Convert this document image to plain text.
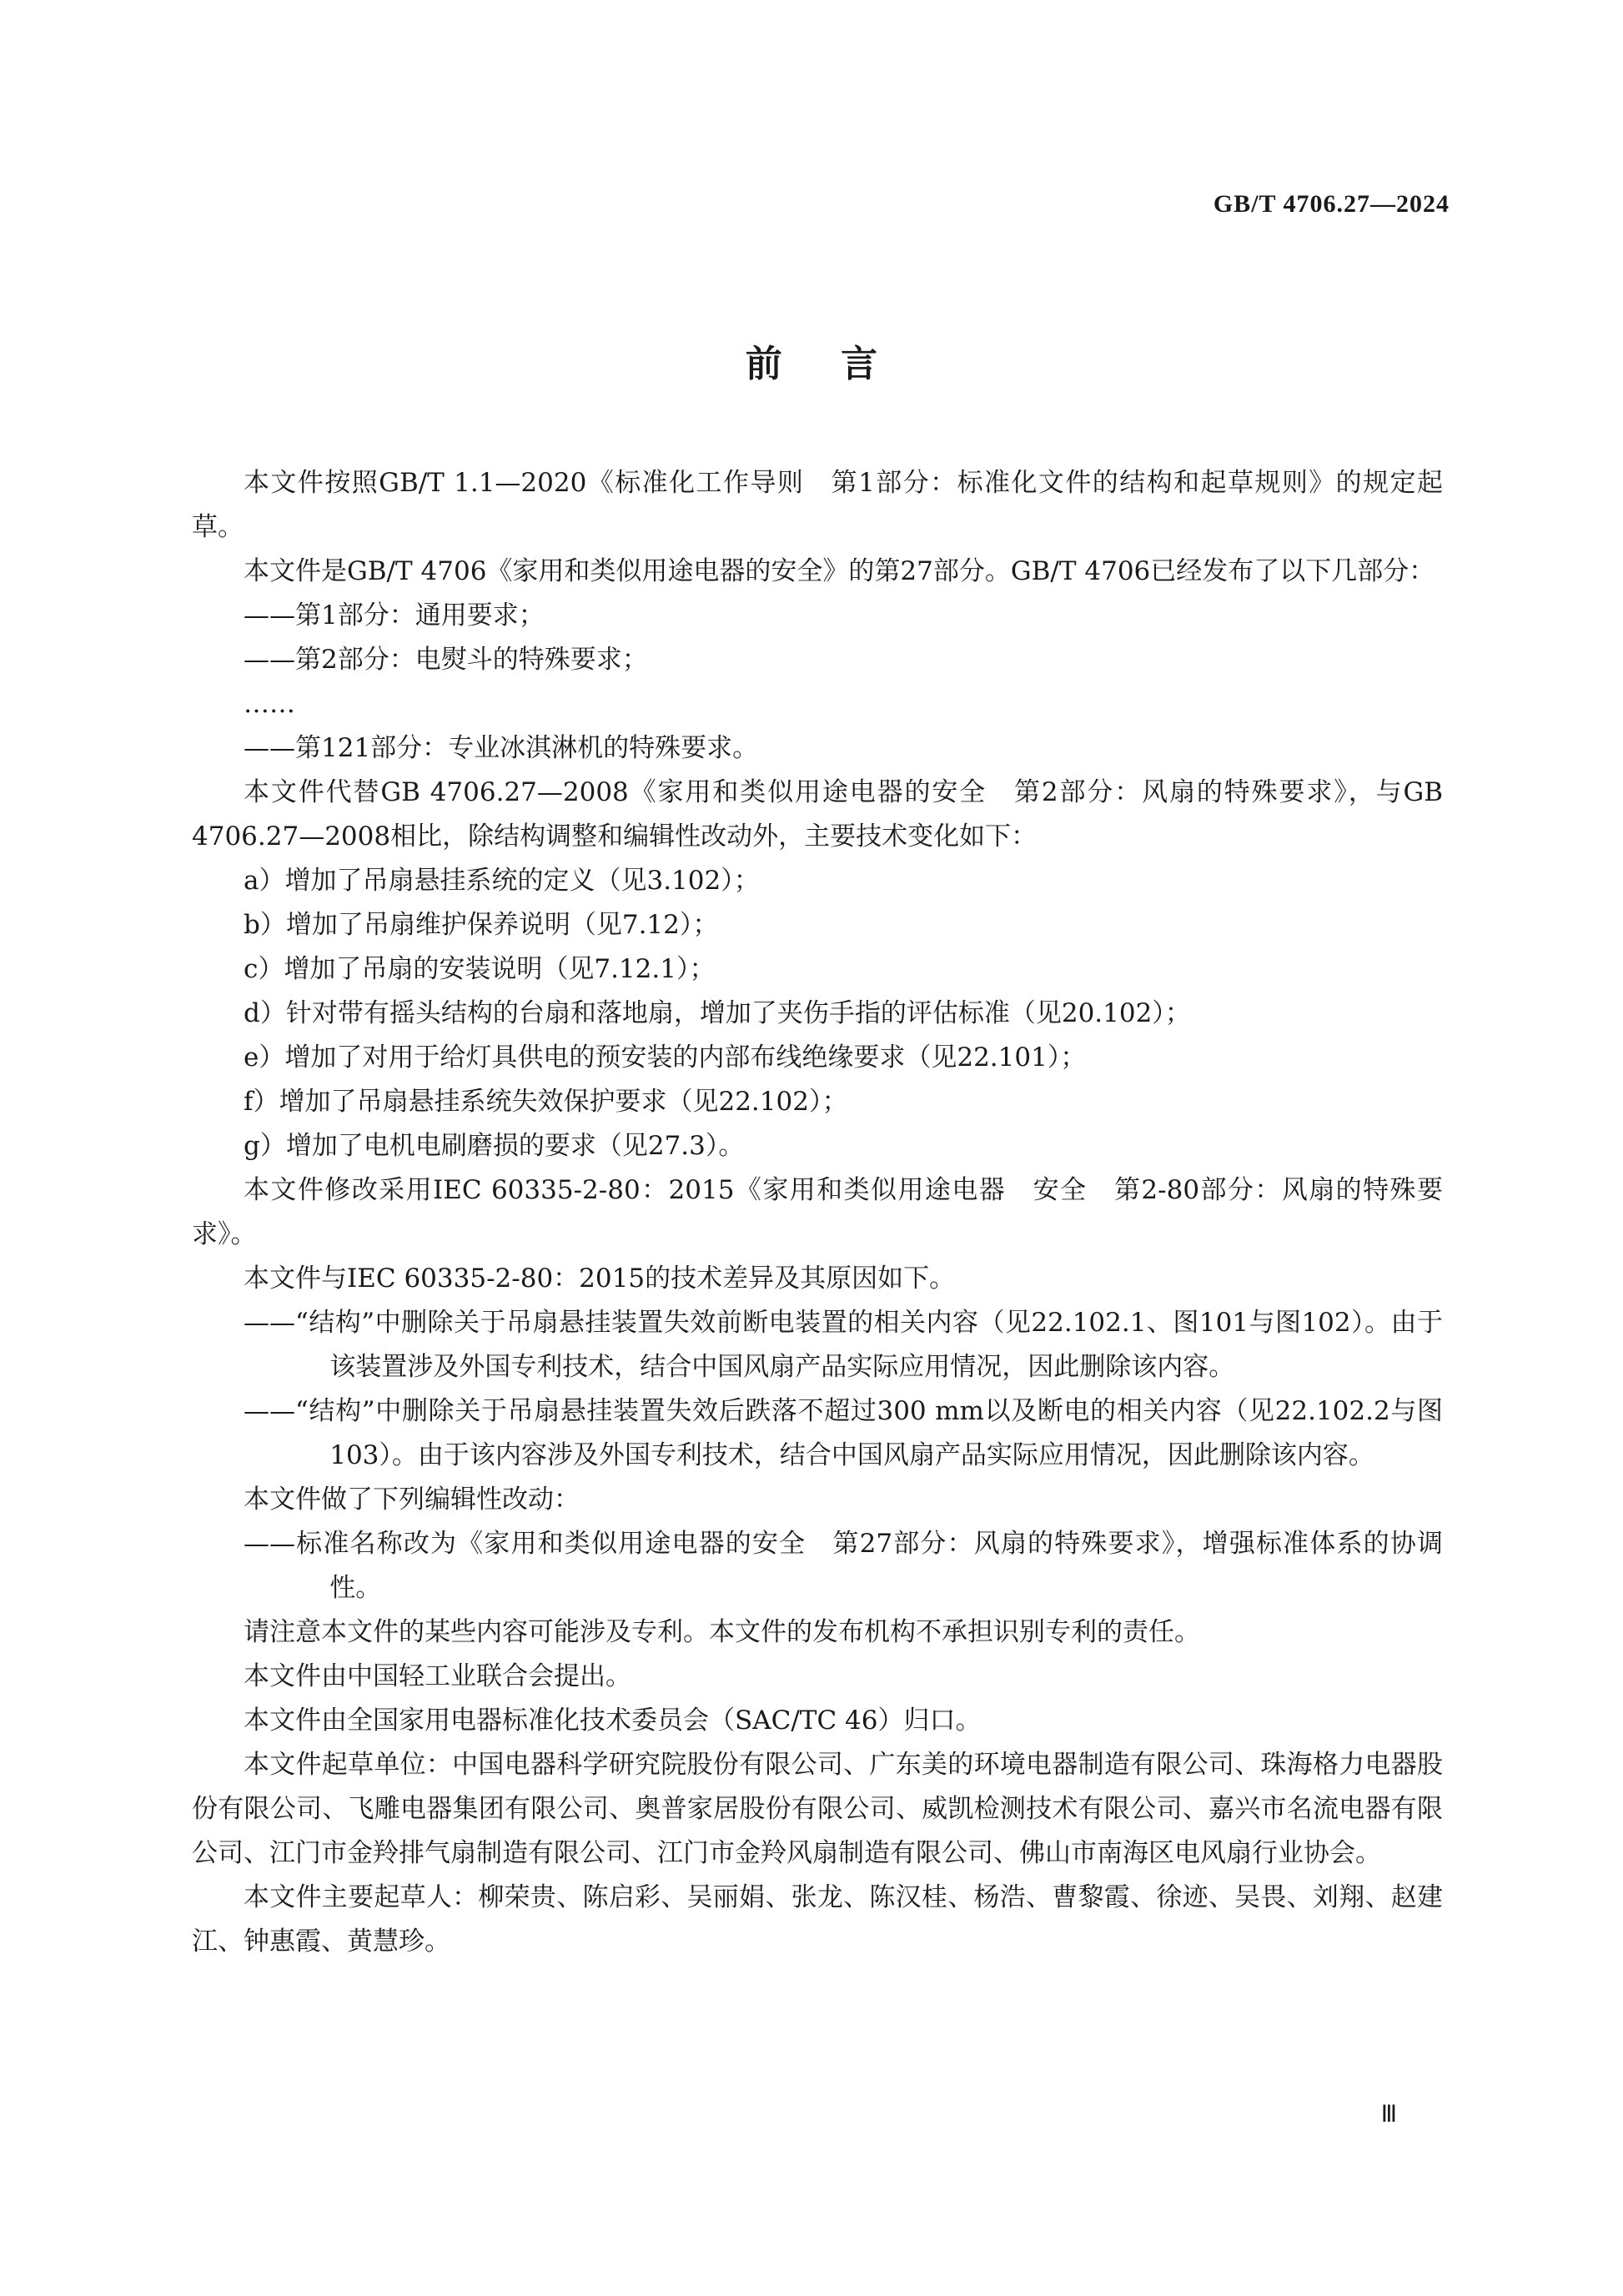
GB/T 4706.27—2024
前言

本文件按照GB/T 1.1—2020《标准化工作导则　第1部分：标准化文件的结构和起草规则》的规定起草。

本文件是GB/T 4706《家用和类似用途电器的安全》的第27部分。GB/T 4706已经发布了以下几部分：

——第1部分：通用要求；

——第2部分：电熨斗的特殊要求；

……

——第121部分：专业冰淇淋机的特殊要求。

本文件代替GB 4706.27—2008《家用和类似用途电器的安全　第2部分：风扇的特殊要求》，与GB 4706.27—2008相比，除结构调整和编辑性改动外，主要技术变化如下：

a）增加了吊扇悬挂系统的定义（见3.102）；

b）增加了吊扇维护保养说明（见7.12）；

c）增加了吊扇的安装说明（见7.12.1）；

d）针对带有摇头结构的台扇和落地扇，增加了夹伤手指的评估标准（见20.102）；

e）增加了对用于给灯具供电的预安装的内部布线绝缘要求（见22.101）；

f）增加了吊扇悬挂系统失效保护要求（见22.102）；

g）增加了电机电刷磨损的要求（见27.3）。

本文件修改采用IEC 60335-2-80：2015《家用和类似用途电器　安全　第2-80部分：风扇的特殊要求》。

本文件与IEC 60335-2-80：2015的技术差异及其原因如下。

——“结构”中删除关于吊扇悬挂装置失效前断电装置的相关内容（见22.102.1、图101与图102）。由于该装置涉及外国专利技术，结合中国风扇产品实际应用情况，因此删除该内容。

——“结构”中删除关于吊扇悬挂装置失效后跌落不超过300 mm以及断电的相关内容（见22.102.2与图103）。由于该内容涉及外国专利技术，结合中国风扇产品实际应用情况，因此删除该内容。

本文件做了下列编辑性改动：

——标准名称改为《家用和类似用途电器的安全　第27部分：风扇的特殊要求》，增强标准体系的协调性。

请注意本文件的某些内容可能涉及专利。本文件的发布机构不承担识别专利的责任。

本文件由中国轻工业联合会提出。

本文件由全国家用电器标准化技术委员会（SAC/TC 46）归口。

本文件起草单位：中国电器科学研究院股份有限公司、广东美的环境电器制造有限公司、珠海格力电器股份有限公司、飞雕电器集团有限公司、奥普家居股份有限公司、威凯检测技术有限公司、嘉兴市名流电器有限公司、江门市金羚排气扇制造有限公司、江门市金羚风扇制造有限公司、佛山市南海区电风扇行业协会。

本文件主要起草人：柳荣贵、陈启彩、吴丽娟、张龙、陈汉桂、杨浩、曹黎霞、徐迹、吴畏、刘翔、赵建江、钟惠霞、黄慧珍。

Ⅲ
